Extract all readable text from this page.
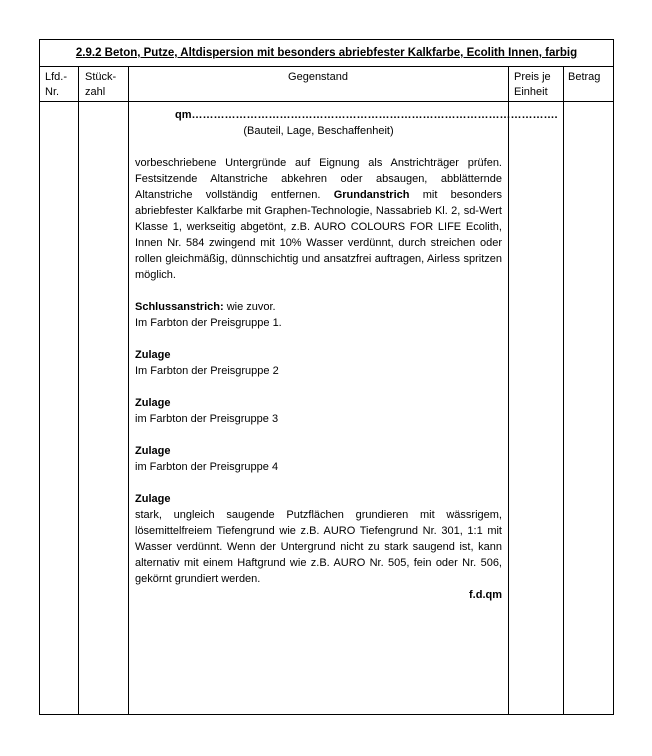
2.9.2 Beton, Putze, Altdispersion mit besonders abriebfester Kalkfarbe, Ecolith Innen, farbig
Lfd.-
Nr.
Stück-
zahl
Gegenstand	Preis je
Einheit
Betrag
qm……………………………………………………………………………………….
(Bauteil, Lage, Beschaffenheit)

vorbeschriebene Untergründe auf Eignung als Anstrichträger prüfen. Festsitzende Altanstriche abkehren oder absaugen, abblätternde Altanstriche vollständig entfernen. Grundanstrich mit besonders abriebfester Kalkfarbe mit Graphen-Technologie, Nassabrieb Kl. 2, sd-Wert Klasse 1, werkseitig abgetönt, z.B. AURO COLOURS FOR LIFE Ecolith, Innen Nr. 584 zwingend mit 10% Wasser verdünnt, durch streichen oder rollen gleichmäßig, dünnschichtig und ansatzfrei auftragen, Airless spritzen möglich.

Schlussanstrich: wie zuvor.

Im Farbton der Preisgruppe 1.

Zulage

Im Farbton der Preisgruppe 2

Zulage

im Farbton der Preisgruppe 3

Zulage

im Farbton der Preisgruppe 4

Zulage

stark, ungleich saugende Putzflächen grundieren mit wässrigem, lösemittelfreiem Tiefengrund wie z.B. AURO Tiefengrund Nr. 301, 1:1 mit Wasser verdünnt. Wenn der Untergrund nicht zu stark saugend ist, kann alternativ mit einem Haftgrund wie z.B. AURO Nr. 505, fein oder Nr. 506, gekörnt grundiert werden.

f.d.qm
